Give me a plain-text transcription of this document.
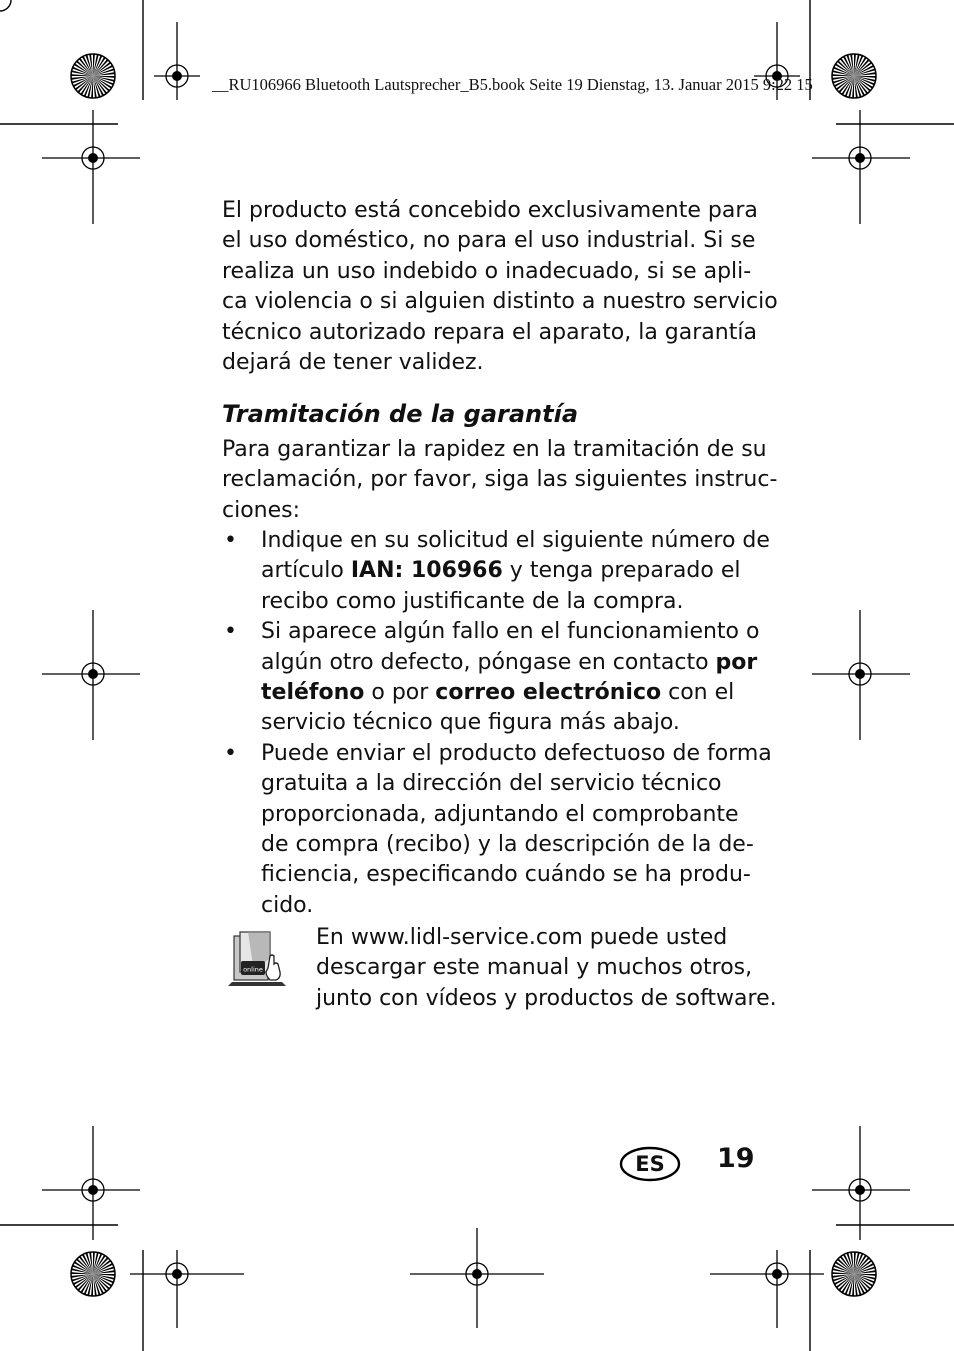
__RU106966 Bluetooth Lautsprecher_B5.book Seite 19 Dienstag, 13. Januar 2015 9:22 15
El producto está concebido exclusivamente para
el uso doméstico, no para el uso industrial. Si se
realiza un uso indebido o inadecuado, si se apli-
ca violencia o si alguien distinto a nuestro servicio
técnico autorizado repara el aparato, la garantía
dejará de tener validez.
Tramitación de la garantía
Para garantizar la rapidez en la tramitación de su
reclamación, por favor, siga las siguientes instruc-
ciones:
• Indique en su solicitud el siguiente número de
artículo IAN: 106966 y tenga preparado el
recibo como justificante de la compra.
• Si aparece algún fallo en el funcionamiento o
algún otro defecto, póngase en contacto por
teléfono o por correo electrónico con el
servicio técnico que figura más abajo.
• Puede enviar el producto defectuoso de forma
gratuita a la dirección del servicio técnico
proporcionada, adjuntando el comprobante
de compra (recibo) y la descripción de la de-
ficiencia, especificando cuándo se ha produ-
cido.
online
En www.lidl-service.com puede usted
descargar este manual y muchos otros,
junto con vídeos y productos de software.
ES	19
